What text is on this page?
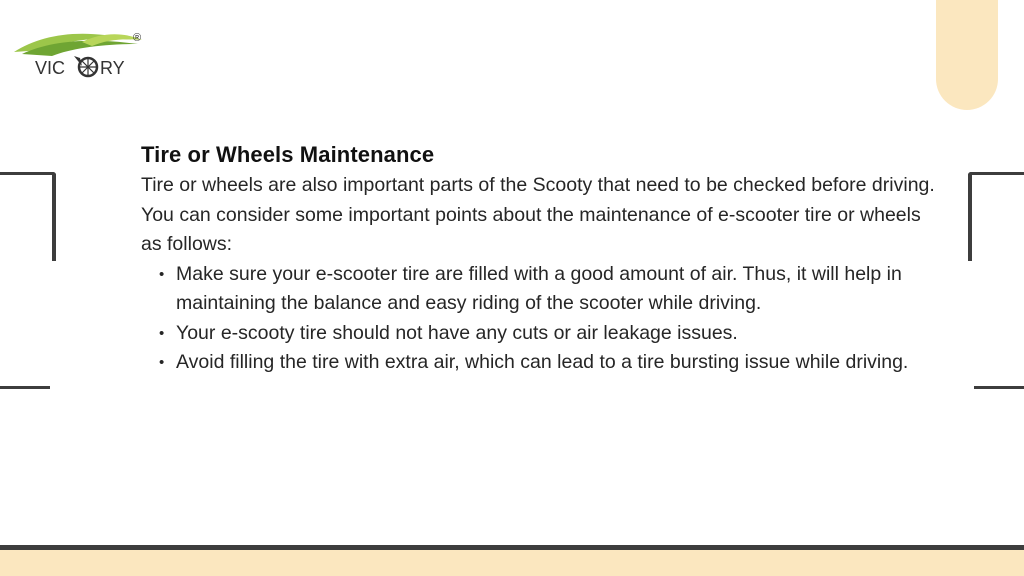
VIC RY
®
Tire or Wheels Maintenance

Tire or wheels are also important parts of the Scooty that need to be checked before driving. You can consider some important points about the maintenance of e-scooter tire or wheels as follows:

• Make sure your e-scooter tire are filled with a good amount of air. Thus, it will help in maintaining the balance and easy riding of the scooter while driving.
• Your e-scooty tire should not have any cuts or air leakage issues.
• Avoid filling the tire with extra air, which can lead to a tire bursting issue while driving.
